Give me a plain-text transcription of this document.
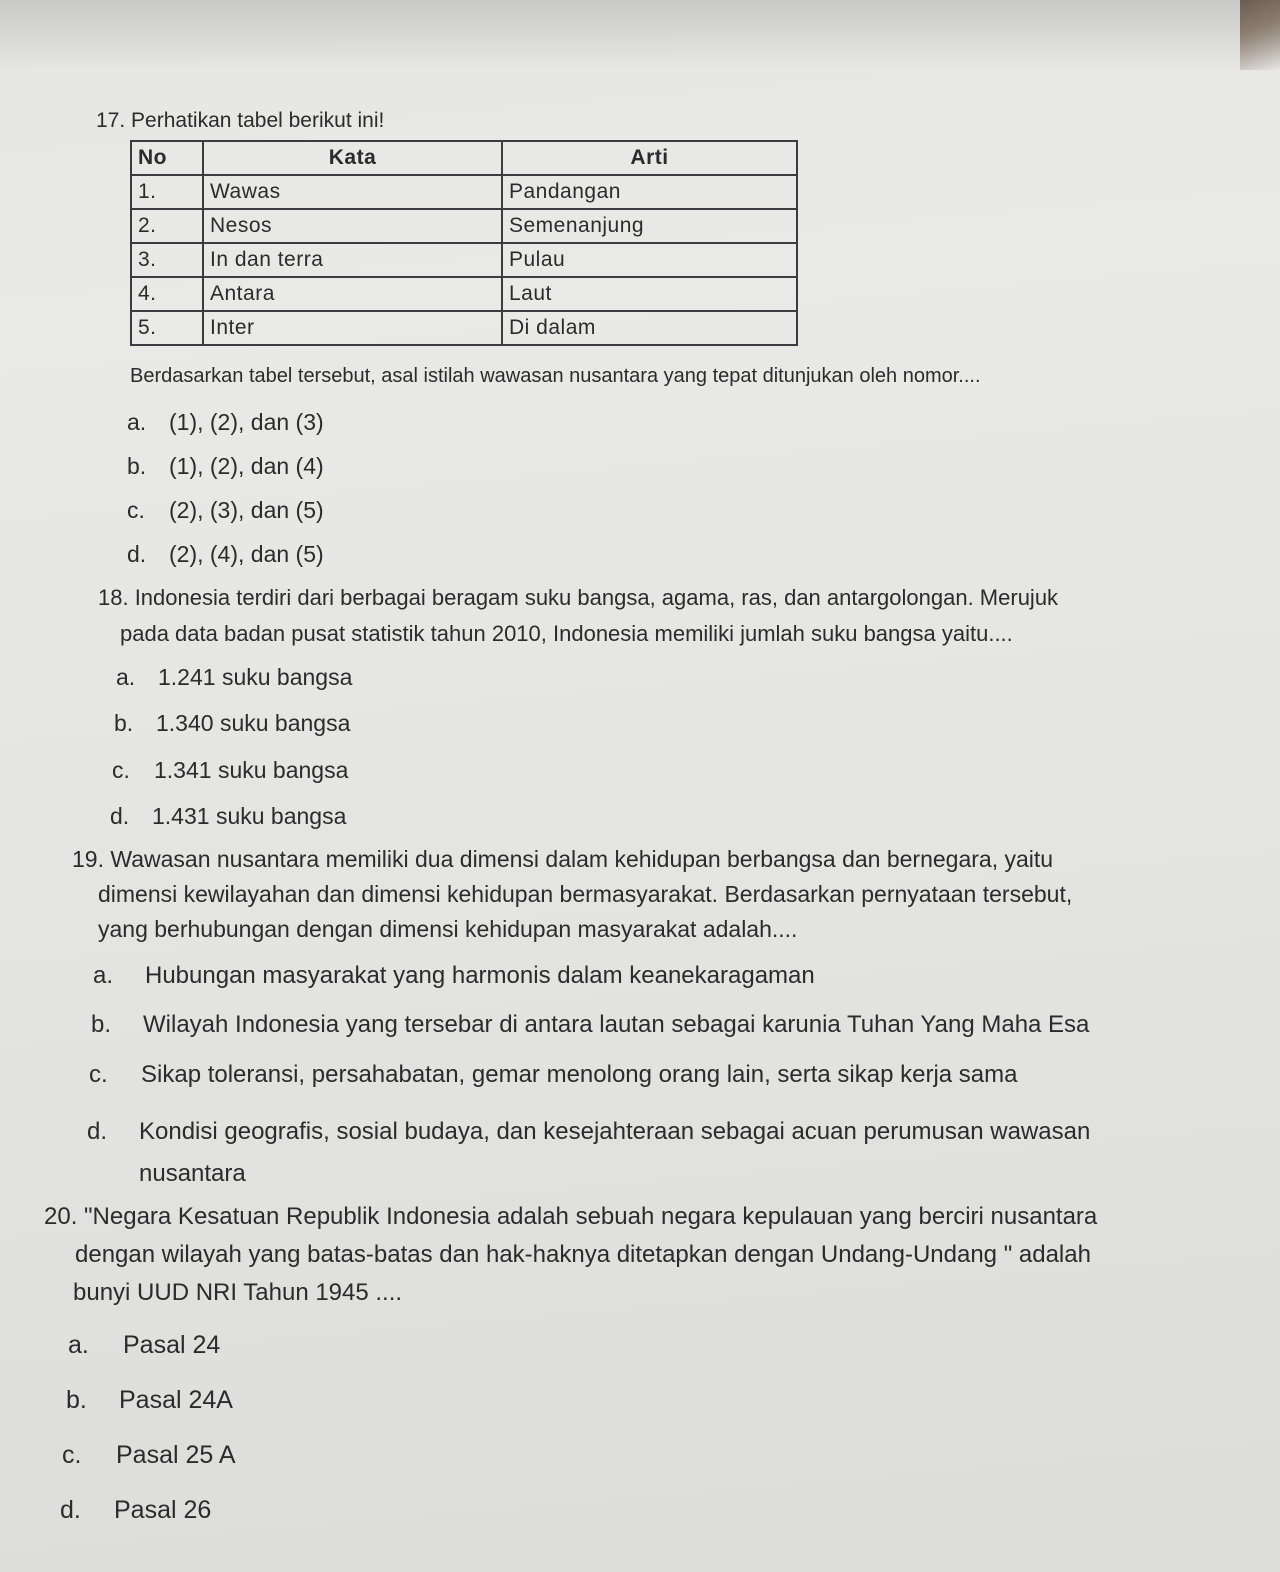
17. Perhatikan tabel berikut ini!
No	Kata	Arti
1.	Wawas	Pandangan
2.	Nesos	Semenanjung
3.	In dan terra	Pulau
4.	Antara	Laut
5.	Inter	Di dalam
Berdasarkan tabel tersebut, asal istilah wawasan nusantara yang tepat ditunjukan oleh nomor....
a. (1), (2), dan (3)
b. (1), (2), dan (4)
c. (2), (3), dan (5)
d. (2), (4), dan (5)
18. Indonesia terdiri dari berbagai beragam suku bangsa, agama, ras, dan antargolongan. Merujuk
pada data badan pusat statistik tahun 2010, Indonesia memiliki jumlah suku bangsa yaitu....
a. 1.241 suku bangsa
b. 1.340 suku bangsa
c. 1.341 suku bangsa
d. 1.431 suku bangsa
19. Wawasan nusantara memiliki dua dimensi dalam kehidupan berbangsa dan bernegara, yaitu
dimensi kewilayahan dan dimensi kehidupan bermasyarakat. Berdasarkan pernyataan tersebut,
yang berhubungan dengan dimensi kehidupan masyarakat adalah....
a. Hubungan masyarakat yang harmonis dalam keanekaragaman
b. Wilayah Indonesia yang tersebar di antara lautan sebagai karunia Tuhan Yang Maha Esa
c. Sikap toleransi, persahabatan, gemar menolong orang lain, serta sikap kerja sama
d. Kondisi geografis, sosial budaya, dan kesejahteraan sebagai acuan perumusan wawasan
nusantara
20. "Negara Kesatuan Republik Indonesia adalah sebuah negara kepulauan yang berciri nusantara
dengan wilayah yang batas-batas dan hak-haknya ditetapkan dengan Undang-Undang " adalah
bunyi UUD NRI Tahun 1945 ....
a. Pasal 24
b. Pasal 24A
c. Pasal 25 A
d. Pasal 26
